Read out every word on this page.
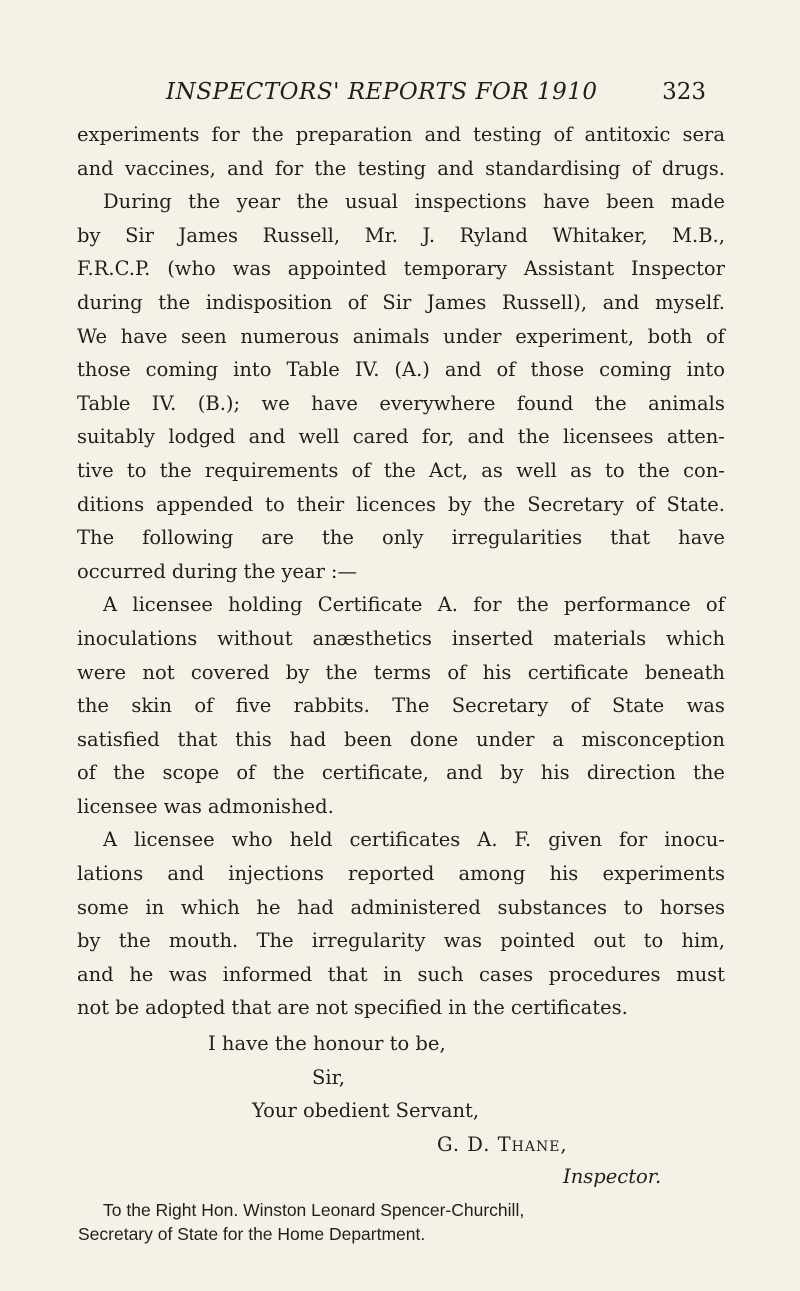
INSPECTORS' REPORTS FOR 1910	323
experiments for the preparation and testing of antitoxic sera
and vaccines, and for the testing and standardising of drugs.
During the year the usual inspections have been made
by Sir James Russell, Mr. J. Ryland Whitaker, M.B.,
F.R.C.P. (who was appointed temporary Assistant Inspector
during the indisposition of Sir James Russell), and myself.
We have seen numerous animals under experiment, both of
those coming into Table IV. (A.) and of those coming into
Table IV. (B.); we have everywhere found the animals
suitably lodged and well cared for, and the licensees atten-
tive to the requirements of the Act, as well as to the con-
ditions appended to their licences by the Secretary of State.
The following are the only irregularities that have
occurred during the year :—
A licensee holding Certificate A. for the performance of
inoculations without anæsthetics inserted materials which
were not covered by the terms of his certificate beneath
the skin of five rabbits. The Secretary of State was
satisfied that this had been done under a misconception
of the scope of the certificate, and by his direction the
licensee was admonished.
A licensee who held certificates A. F. given for inocu-
lations and injections reported among his experiments
some in which he had administered substances to horses
by the mouth. The irregularity was pointed out to him,
and he was informed that in such cases procedures must
not be adopted that are not specified in the certificates.
I have the honour to be,
Sir,
Your obedient Servant,
G. D. Thane,
Inspector.
To the Right Hon. Winston Leonard Spencer-Churchill,
Secretary of State for the Home Department.
